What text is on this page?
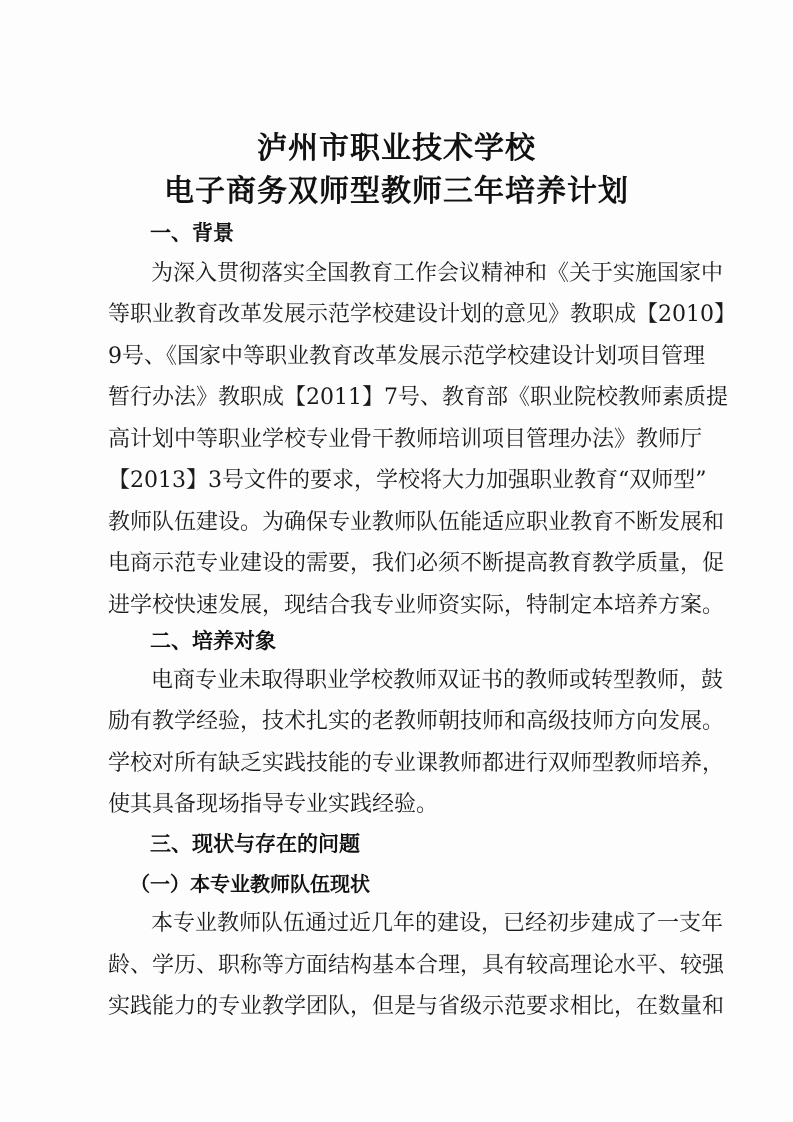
泸州市职业技术学校
电子商务双师型教师三年培养计划
一、背景
为深入贯彻落实全国教育工作会议精神和《关于实施国家中
等职业教育改革发展示范学校建设计划的意见》教职成【2010】
9号、《国家中等职业教育改革发展示范学校建设计划项目管理
暂行办法》教职成【2011】7号、教育部《职业院校教师素质提
高计划中等职业学校专业骨干教师培训项目管理办法》教师厅
【2013】3号文件的要求，学校将大力加强职业教育“双师型”
教师队伍建设。为确保专业教师队伍能适应职业教育不断发展和
电商示范专业建设的需要，我们必须不断提高教育教学质量，促
进学校快速发展，现结合我专业师资实际，特制定本培养方案。
二、培养对象
电商专业未取得职业学校教师双证书的教师或转型教师，鼓
励有教学经验，技术扎实的老教师朝技师和高级技师方向发展。
学校对所有缺乏实践技能的专业课教师都进行双师型教师培养，
使其具备现场指导专业实践经验。
三、现状与存在的问题
（一）本专业教师队伍现状
本专业教师队伍通过近几年的建设，已经初步建成了一支年
龄、学历、职称等方面结构基本合理，具有较高理论水平、较强
实践能力的专业教学团队，但是与省级示范要求相比，在数量和
